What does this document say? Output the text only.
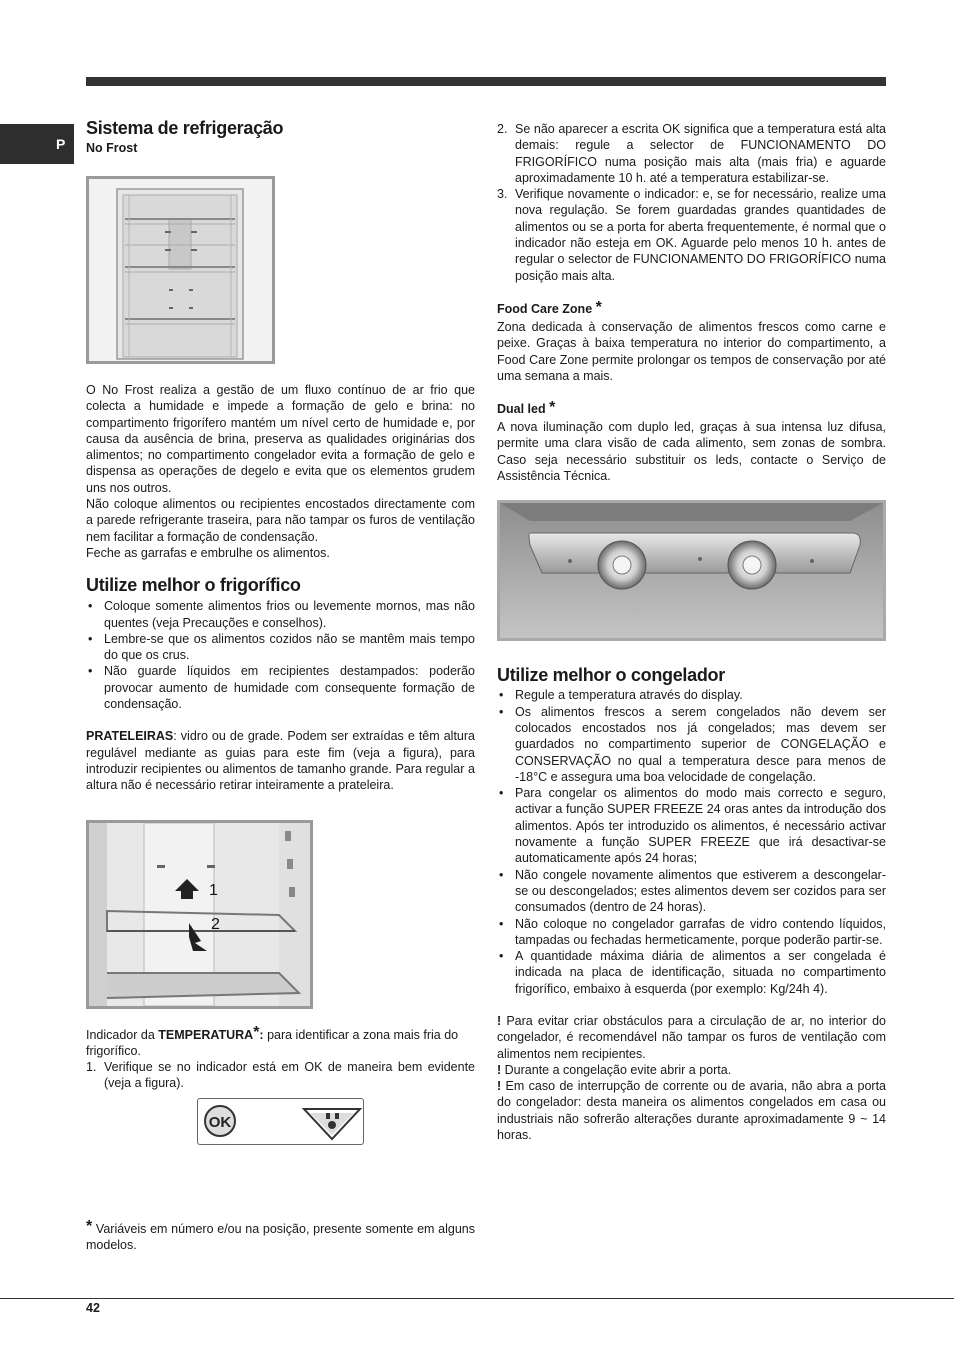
P
Sistema de refrigeração
No Frost

O No Frost realiza a gestão de um fluxo contínuo de ar frio que colecta a humidade e impede a formação de gelo e brina: no compartimento frigorífero mantém um nível certo de humidade e, por causa da ausência de brina, preserva as qualidades originárias dos alimentos; no compartimento congelador evita a formação de gelo e dispensa as operações de degelo e evita que os elementos grudem uns nos outros.

Não coloque alimentos ou recipientes encostados directamente com a parede refrigerante traseira, para não tampar os furos de ventilação nem facilitar a formação de condensação.

Feche as garrafas e embrulhe os alimentos.

Utilize melhor o frigorífico
• Coloque somente alimentos frios ou levemente mornos, mas não quentes (veja Precauções e conselhos).
• Lembre-se que os alimentos cozidos não se mantêm mais tempo do que os crus.
• Não guarde líquidos em recipientes destampados: poderão provocar aumento de humidade com consequente formação de condensação.

PRATELEIRAS: vidro ou de grade. Podem ser extraídas e têm altura regulável mediante as guias para este fim (veja a figura), para introduzir recipientes ou alimentos de tamanho grande. Para regular a altura não é necessário retirar inteiramente a prateleira.

1
2

Indicador da TEMPERATURA*: para identificar a zona mais fria do frigorífico.

1. Verifique se no indicador está em OK de maneira bem evidente (veja a figura).
OK

* Variáveis em número e/ou na posição, presente somente em alguns modelos.

2. Se não aparecer a escrita OK significa que a temperatura está alta demais: regule a selector de FUNCIONAMENTO DO FRIGORÍFICO numa posição mais alta (mais fria) e aguarde aproximadamente 10 h. até a temperatura estabilizar-se.
3. Verifique novamente o indicador: e, se for necessário, realize uma nova regulação. Se forem guardadas grandes quantidades de alimentos ou se a porta for aberta frequentemente, é normal que o indicador não esteja em OK. Aguarde pelo menos 10 h. antes de regular o selector de FUNCIONAMENTO DO FRIGORÍFICO numa posição mais alta.
Food Care Zone *

Zona dedicada à conservação de alimentos frescos como carne e peixe. Graças à baixa temperatura no interior do compartimento, a Food Care Zone permite prolongar os tempos de conservação por até uma semana a mais.

Dual led *

A nova iluminação com duplo led, graças à sua intensa luz difusa, permite uma clara visão de cada alimento, sem zonas de sombra. Caso seja necessário substituir os leds, contacte o Serviço de Assistência Técnica.

Utilize melhor o congelador
• Regule a temperatura através do display.
• Os alimentos frescos a serem congelados não devem ser colocados encostados nos já congelados; mas devem ser guardados no compartimento superior de CONGELAÇÃO e CONSERVAÇÃO no qual a temperatura desce para menos de -18°C e assegura uma boa velocidade de congelação.
• Para congelar os alimentos do modo mais correcto e seguro, activar a função SUPER FREEZE 24 oras antes da introdução dos alimentos. Após ter introduzido os alimentos, é necessário activar novamente a função SUPER FREEZE que irá desactivar-se automaticamente após 24 horas;
• Não congele novamente alimentos que estiverem a descongelar-se ou descongelados; estes alimentos devem ser cozidos para ser consumados (dentro de 24 horas).
• Não coloque no congelador garrafas de vidro contendo líquidos, tampadas ou fechadas hermeticamente, porque poderão partir-se.
• A quantidade máxima diária de alimentos a ser congelada é indicada na placa de identificação, situada no compartimento frigorífico, embaixo à esquerda (por exemplo: Kg/24h 4).

! Para evitar criar obstáculos para a circulação de ar, no interior do congelador, é recomendável não tampar os furos de ventilação com alimentos nem recipientes.

! Durante a congelação evite abrir a porta.

! Em caso de interrupção de corrente ou de avaria, não abra a porta do congelador: desta maneira os alimentos congelados em casa ou industriais não sofrerão alterações durante aproximadamente 9 ~ 14 horas.

42
